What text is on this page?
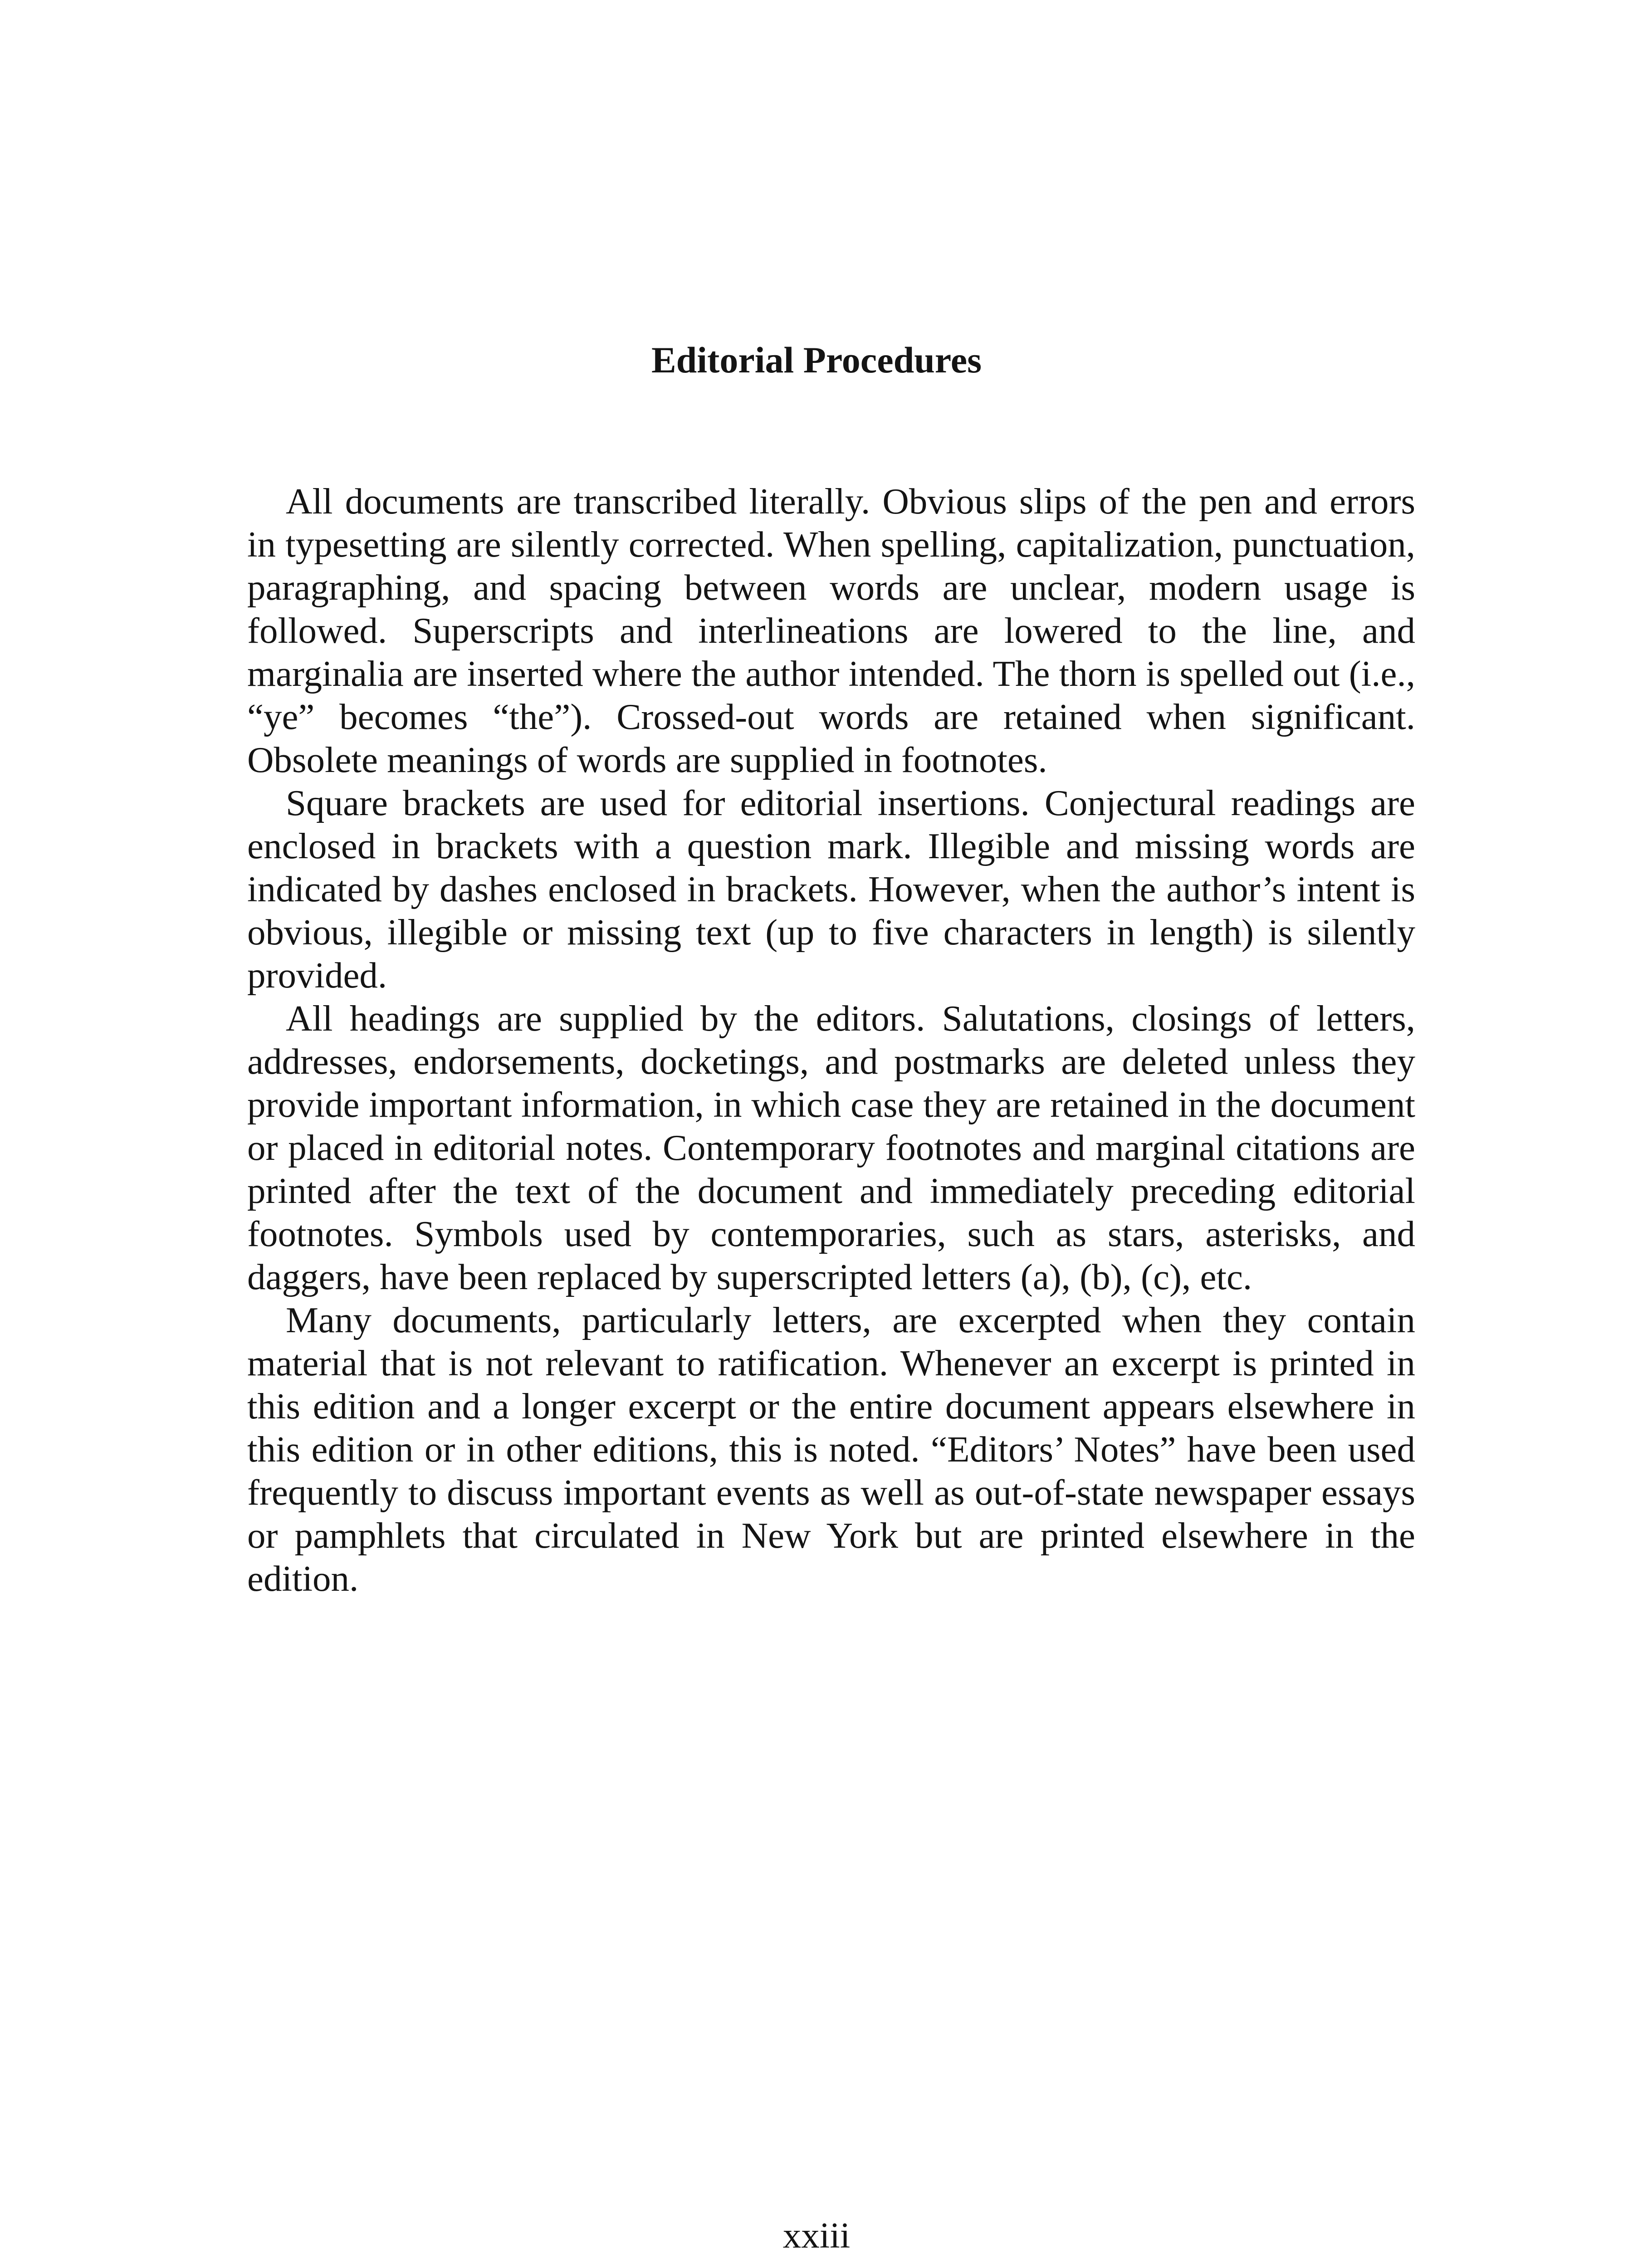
Editorial Procedures

All documents are transcribed literally. Obvious slips of the pen and errors in typesetting are silently corrected. When spelling, capitalization, punctuation, paragraphing, and spacing between words are unclear, modern usage is followed. Superscripts and interlineations are lowered to the line, and marginalia are inserted where the author intended. The thorn is spelled out (i.e., “ye” becomes “the”). Crossed-out words are retained when significant. Obsolete meanings of words are supplied in footnotes.

Square brackets are used for editorial insertions. Conjectural readings are enclosed in brackets with a question mark. Illegible and missing words are indicated by dashes enclosed in brackets. However, when the author’s intent is obvious, illegible or missing text (up to five characters in length) is silently provided.

All headings are supplied by the editors. Salutations, closings of letters, addresses, endorsements, docketings, and postmarks are deleted unless they provide important information, in which case they are retained in the document or placed in editorial notes. Contemporary footnotes and marginal citations are printed after the text of the document and immediately preceding editorial footnotes. Symbols used by contemporaries, such as stars, asterisks, and daggers, have been replaced by superscripted letters (a), (b), (c), etc.

Many documents, particularly letters, are excerpted when they contain material that is not relevant to ratification. Whenever an excerpt is printed in this edition and a longer excerpt or the entire document appears elsewhere in this edition or in other editions, this is noted. “Editors’ Notes” have been used frequently to discuss important events as well as out-of-state newspaper essays or pamphlets that circulated in New York but are printed elsewhere in the edition.

xxiii
